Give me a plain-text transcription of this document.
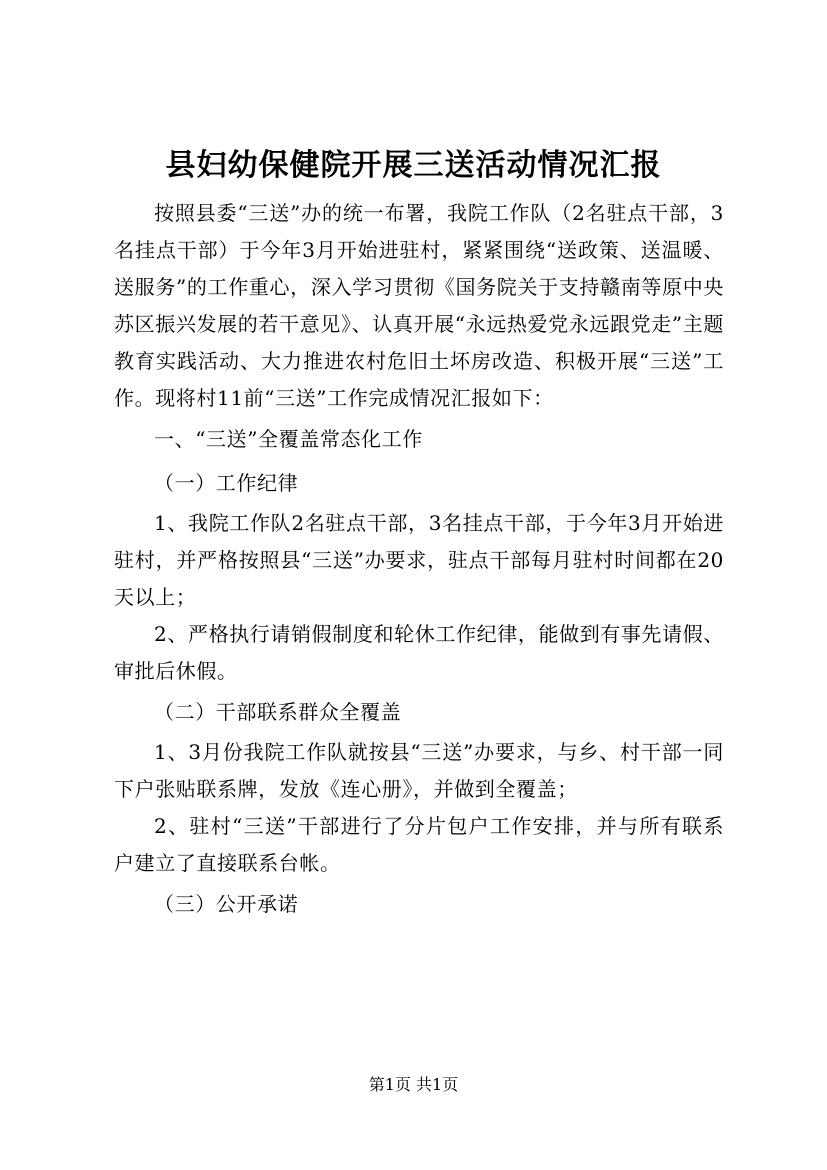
县妇幼保健院开展三送活动情况汇报

按照县委“三送”办的统一布署，我院工作队（2名驻点干部，3名挂点干部）于今年3月开始进驻村，紧紧围绕“送政策、送温暖、送服务”的工作重心，深入学习贯彻《国务院关于支持赣南等原中央苏区振兴发展的若干意见》、认真开展“永远热爱党永远跟党走”主题教育实践活动、大力推进农村危旧土坏房改造、积极开展“三送”工作。现将村11前“三送”工作完成情况汇报如下：

一、“三送”全覆盖常态化工作

（一）工作纪律

1、我院工作队2名驻点干部，3名挂点干部，于今年3月开始进驻村，并严格按照县“三送”办要求，驻点干部每月驻村时间都在20天以上；

2、严格执行请销假制度和轮休工作纪律，能做到有事先请假、审批后休假。

（二）干部联系群众全覆盖

1、3月份我院工作队就按县“三送”办要求，与乡、村干部一同下户张贴联系牌，发放《连心册》，并做到全覆盖；

2、驻村“三送”干部进行了分片包户工作安排，并与所有联系户建立了直接联系台帐。

（三）公开承诺

第1页 共1页
